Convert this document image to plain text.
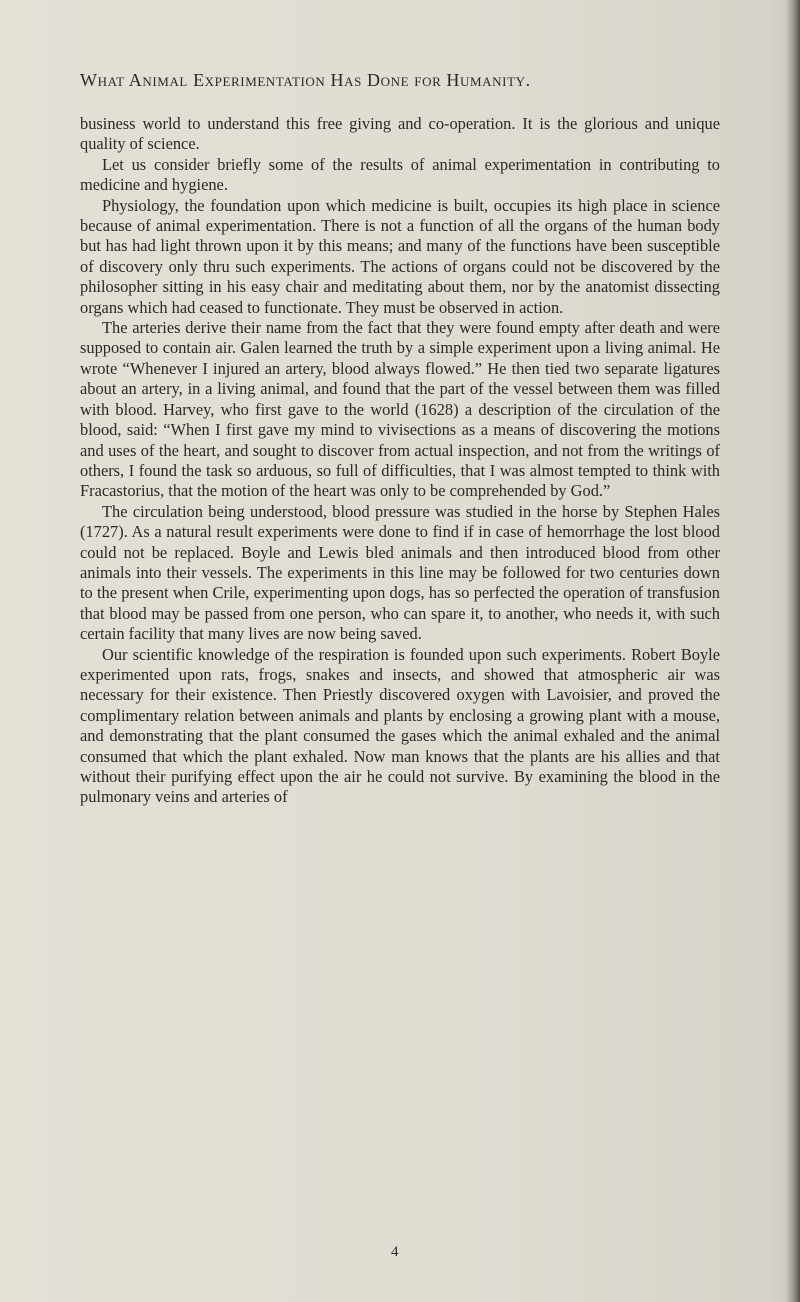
What Animal Experimentation Has Done for Humanity.

business world to understand this free giving and co-operation. It is the glorious and unique quality of science.

Let us consider briefly some of the results of animal experimentation in contributing to medicine and hygiene.

Physiology, the foundation upon which medicine is built, occupies its high place in science because of animal experimentation. There is not a function of all the organs of the human body but has had light thrown upon it by this means; and many of the functions have been susceptible of discovery only thru such experiments. The actions of organs could not be discovered by the philosopher sitting in his easy chair and meditating about them, nor by the anatomist dissecting organs which had ceased to functionate. They must be observed in action.

The arteries derive their name from the fact that they were found empty after death and were supposed to contain air. Galen learned the truth by a simple experiment upon a living animal. He wrote “Whenever I injured an artery, blood always flowed.” He then tied two separate ligatures about an artery, in a living animal, and found that the part of the vessel between them was filled with blood. Harvey, who first gave to the world (1628) a description of the circulation of the blood, said: “When I first gave my mind to vivisections as a means of discovering the motions and uses of the heart, and sought to discover from actual inspection, and not from the writings of others, I found the task so arduous, so full of difficulties, that I was almost tempted to think with Fracastorius, that the motion of the heart was only to be comprehended by God.”

The circulation being understood, blood pressure was studied in the horse by Stephen Hales (1727). As a natural result experiments were done to find if in case of hemorrhage the lost blood could not be replaced. Boyle and Lewis bled animals and then introduced blood from other animals into their vessels. The experiments in this line may be followed for two centuries down to the present when Crile, experimenting upon dogs, has so perfected the operation of transfusion that blood may be passed from one person, who can spare it, to another, who needs it, with such certain facility that many lives are now being saved.

Our scientific knowledge of the respiration is founded upon such experiments. Robert Boyle experimented upon rats, frogs, snakes and insects, and showed that atmospheric air was necessary for their existence. Then Priestly discovered oxygen with Lavoisier, and proved the complimentary relation between animals and plants by enclosing a growing plant with a mouse, and demonstrating that the plant consumed the gases which the animal exhaled and the animal consumed that which the plant exhaled. Now man knows that the plants are his allies and that without their purifying effect upon the air he could not survive. By examining the blood in the pulmonary veins and arteries of

4
